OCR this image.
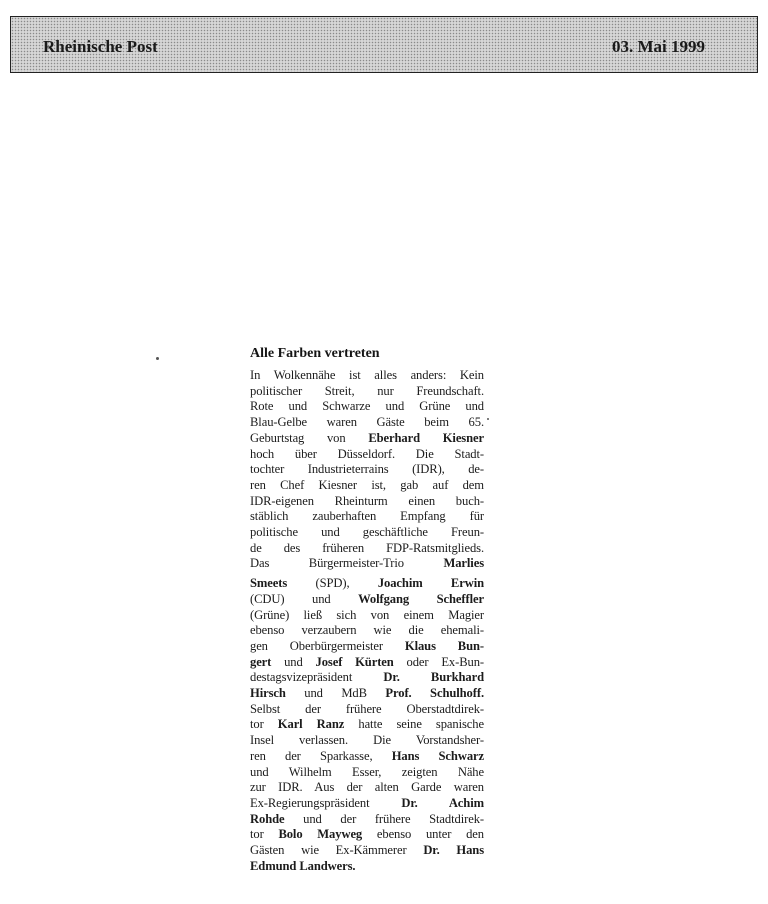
Rheinische Post	03. Mai 1999
Alle Farben vertreten
In Wolkennähe ist alles anders: Kein
politischer Streit, nur Freundschaft.
Rote und Schwarze und Grüne und
Blau-Gelbe waren Gäste beim 65.
Geburtstag von Eberhard Kiesner
hoch über Düsseldorf. Die Stadt-
tochter Industrieterrains (IDR), de-
ren Chef Kiesner ist, gab auf dem
IDR-eigenen Rheinturm einen buch-
stäblich zauberhaften Empfang für
politische und geschäftliche Freun-
de des früheren FDP-Ratsmitglieds.
Das Bürgermeister-Trio Marlies
Smeets (SPD), Joachim Erwin
(CDU) und Wolfgang Scheffler
(Grüne) ließ sich von einem Magier
ebenso verzaubern wie die ehemali-
gen Oberbürgermeister Klaus Bun-
gert und Josef Kürten oder Ex-Bun-
destagsvizepräsident Dr. Burkhard
Hirsch und MdB Prof. Schulhoff.
Selbst der frühere Oberstadtdirek-
tor Karl Ranz hatte seine spanische
Insel verlassen. Die Vorstandsher-
ren der Sparkasse, Hans Schwarz
und Wilhelm Esser, zeigten Nähe
zur IDR. Aus der alten Garde waren
Ex-Regierungspräsident Dr. Achim
Rohde und der frühere Stadtdirek-
tor Bolo Mayweg ebenso unter den
Gästen wie Ex-Kämmerer Dr. Hans
Edmund Landwers.
